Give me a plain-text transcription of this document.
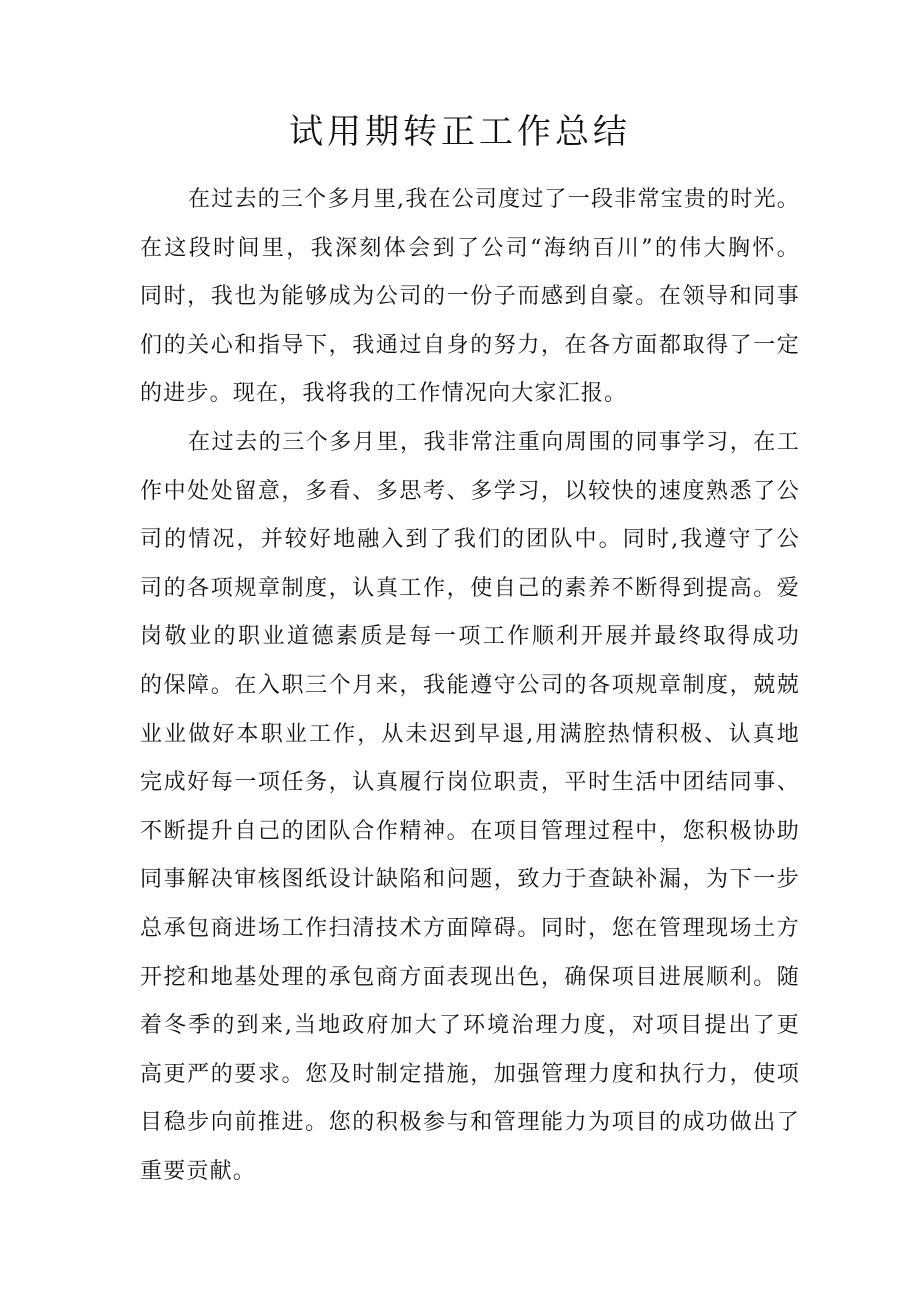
试用期转正工作总结
在过去的三个多月里,我在公司度过了一段非常宝贵的时光。
在这段时间里，我深刻体会到了公司“海纳百川”的伟大胸怀。
同时，我也为能够成为公司的一份子而感到自豪。在领导和同事
们的关心和指导下，我通过自身的努力，在各方面都取得了一定
的进步。现在，我将我的工作情况向大家汇报。
在过去的三个多月里，我非常注重向周围的同事学习，在工
作中处处留意，多看、多思考、多学习，以较快的速度熟悉了公
司的情况，并较好地融入到了我们的团队中。同时,我遵守了公
司的各项规章制度，认真工作，使自己的素养不断得到提高。爱
岗敬业的职业道德素质是每一项工作顺利开展并最终取得成功
的保障。在入职三个月来，我能遵守公司的各项规章制度，兢兢
业业做好本职业工作，从未迟到早退,用满腔热情积极、认真地
完成好每一项任务，认真履行岗位职责，平时生活中团结同事、
不断提升自己的团队合作精神。在项目管理过程中，您积极协助
同事解决审核图纸设计缺陷和问题，致力于查缺补漏，为下一步
总承包商进场工作扫清技术方面障碍。同时，您在管理现场土方
开挖和地基处理的承包商方面表现出色，确保项目进展顺利。随
着冬季的到来,当地政府加大了环境治理力度，对项目提出了更
高更严的要求。您及时制定措施，加强管理力度和执行力，使项
目稳步向前推进。您的积极参与和管理能力为项目的成功做出了
重要贡献。
